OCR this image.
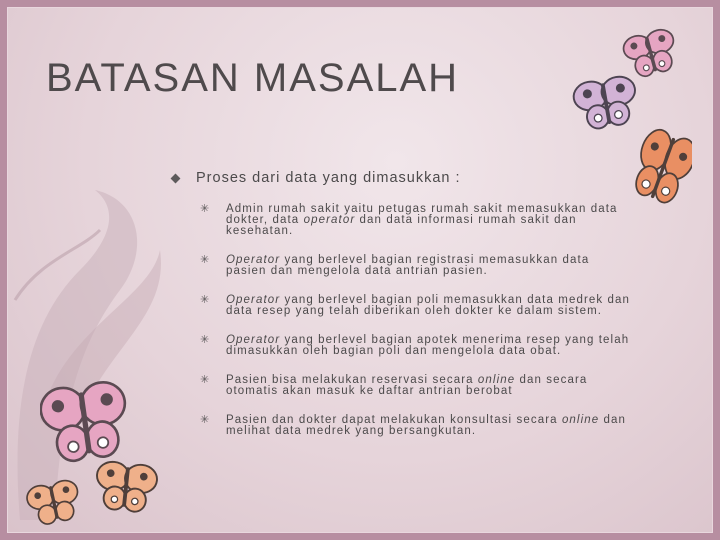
BATASAN MASALAH
Proses dari data yang dimasukkan :
✳ Admin rumah sakit yaitu petugas rumah sakit memasukkan data dokter, data operator dan data informasi rumah sakit dan kesehatan.
✳ Operator yang berlevel bagian registrasi memasukkan data pasien dan mengelola data antrian pasien.
✳ Operator yang berlevel bagian poli memasukkan data medrek dan data resep yang telah diberikan oleh dokter ke dalam sistem.
✳ Operator yang berlevel bagian apotek menerima resep yang telah dimasukkan oleh bagian poli dan mengelola data obat.
✳ Pasien bisa melakukan reservasi secara online dan secara otomatis akan masuk ke daftar antrian berobat
✳ Pasien dan dokter dapat melakukan konsultasi secara online dan melihat data medrek yang bersangkutan.
